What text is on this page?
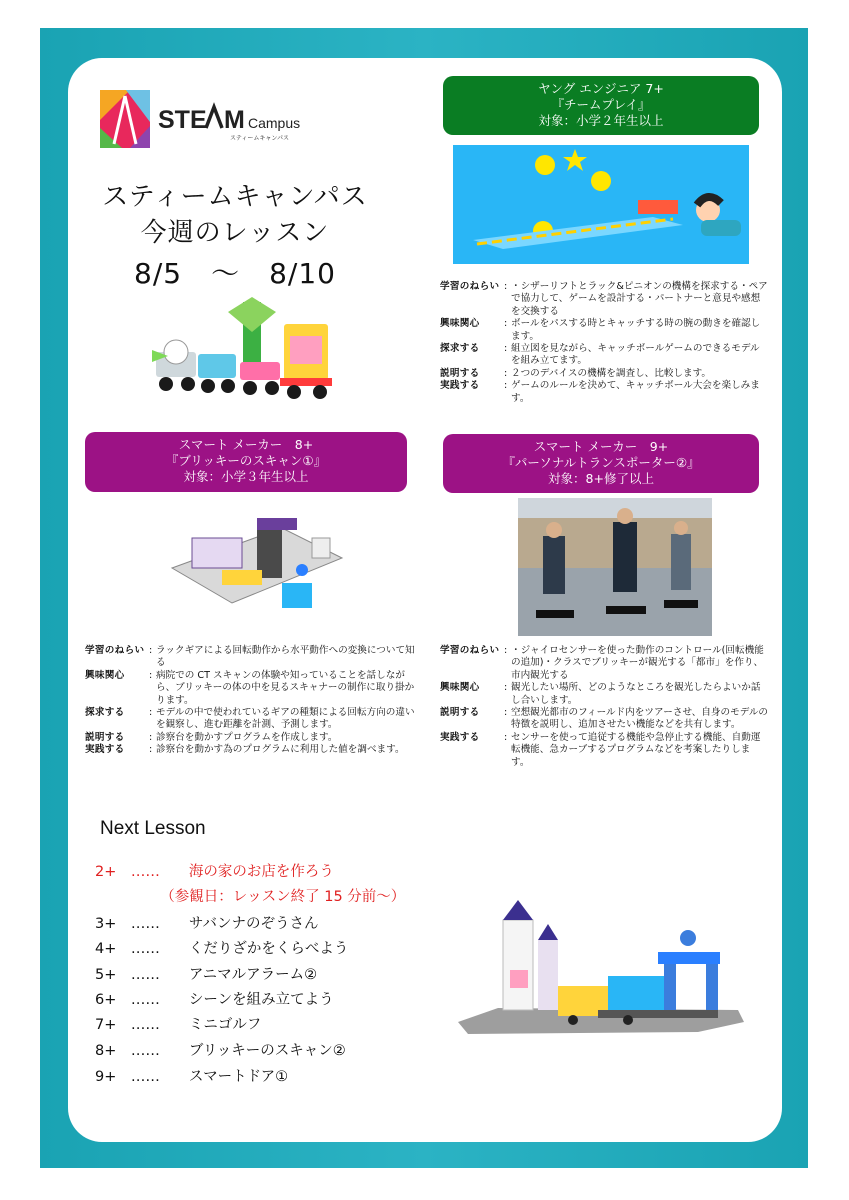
STE M Campus
スティームキャンパス
スティームキャンパス
今週のレッスン
8/5　～　8/10
ヤング エンジニア 7+
『チームプレイ』
対象：小学２年生以上
学習のねらい : ・シザーリフトとラック&ピニオンの機構を探求する・ペアで協力して、ゲームを設計する・パートナーと意見や感想を交換する
興味関心	: ボールをパスする時とキャッチする時の腕の動きを確認します。
探求する	: 組立図を見ながら、キャッチボールゲームのできるモデルを組み立てます。
説明する	: ２つのデバイスの機構を調査し、比較します。
実践する	: ゲームのルールを決めて、キャッチボール大会を楽しみます。
スマート メーカー　8+
『ブリッキーのスキャン①』
対象：小学３年生以上
学習のねらい : ラックギアによる回転動作から水平動作への変換について知る
興味関心	: 病院での CT スキャンの体験や知っていることを話しながら、ブリッキーの体の中を見るスキャナーの制作に取り掛かります。
探求する	: モデルの中で使われているギアの種類による回転方向の違いを観察し、進む距離を計測、予測します。
説明する	: 診察台を動かすプログラムを作成します。
実践する	: 診察台を動かす為のプログラムに利用した値を調べます。
スマート メーカー　9+
『パーソナルトランスポーター②』
対象：8+修了以上
学習のねらい : ・ジャイロセンサーを使った動作のコントロール(回転機能の追加)・クラスでブリッキーが観光する「都市」を作り、市内観光する
興味関心	: 観光したい場所、どのようなところを観光したらよいか話し合いします。
説明する	: 空想観光都市のフィールド内をツアーさせ、自身のモデルの特徴を説明し、追加させたい機能などを共有します。
実践する	: センサーを使って追従する機能や急停止する機能、自動運転機能、急カーブするプログラムなどを考案したりします。
Next Lesson
2+　……　　海の家のお店を作ろう
　　　　　（参観日：レッスン終了 15 分前～）
3+　……　　サバンナのぞうさん
4+　……　　くだりざかをくらべよう
5+　……　　アニマルアラーム②
6+　……　　シーンを組み立てよう
7+　……　　ミニゴルフ
8+　……　　ブリッキーのスキャン②
9+　……　　スマートドア①
